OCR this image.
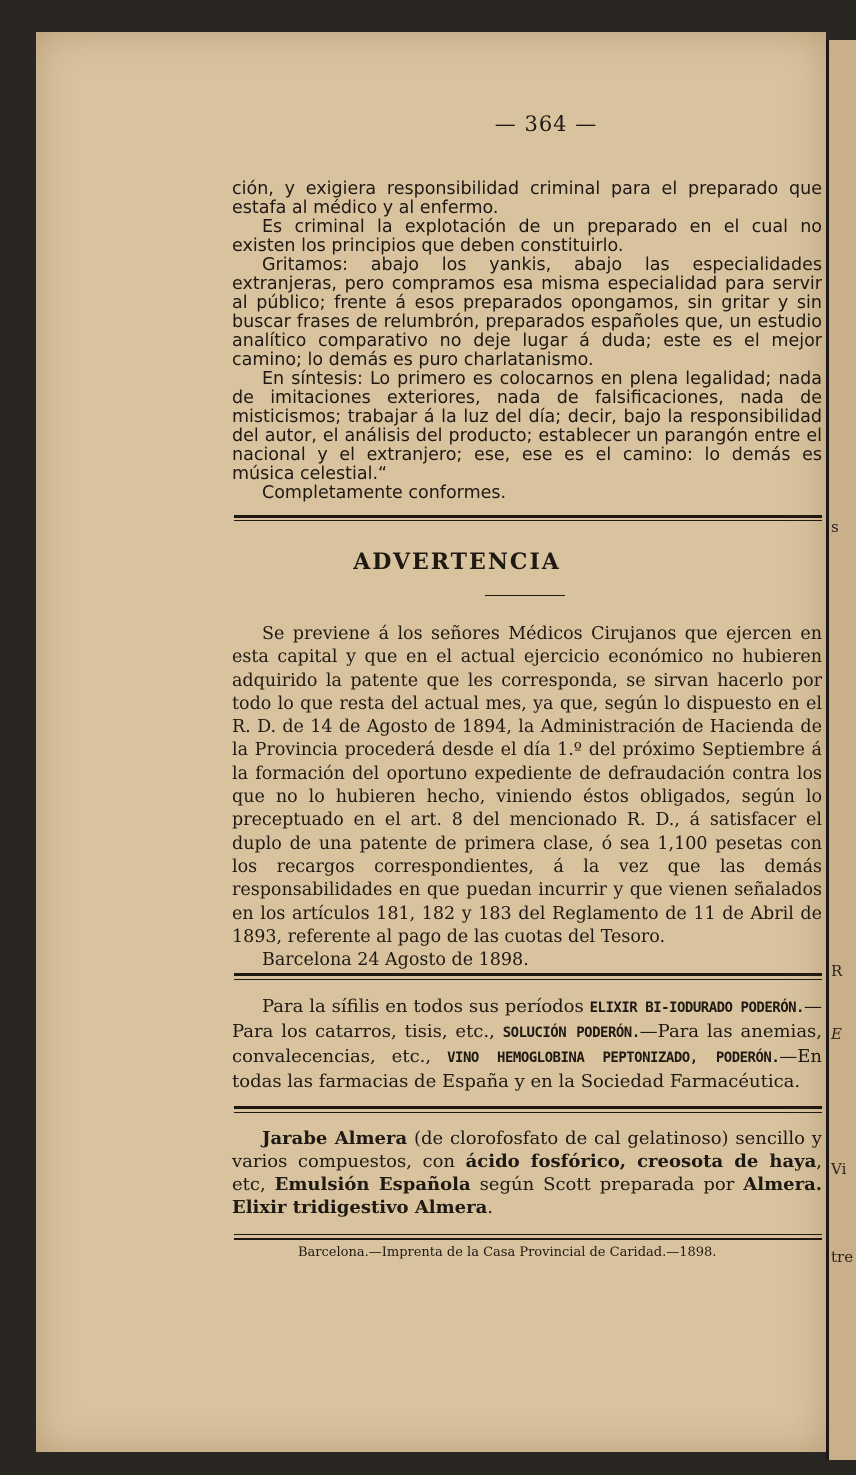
s
R
E
Vi
tre
— 364 —

ción, y exigiera responsibilidad criminal para el preparado que estafa al médico y al enfermo.

Es criminal la explotación de un preparado en el cual no existen los principios que deben constituirlo.

Gritamos: abajo los yankis, abajo las especialidades extranjeras, pero compramos esa misma especialidad para servir al público; frente á esos preparados opongamos, sin gritar y sin buscar frases de relumbrón, preparados españoles que, un estudio analítico comparativo no deje lugar á duda; este es el mejor camino; lo demás es puro charlatanismo.

En síntesis: Lo primero es colocarnos en plena legalidad; nada de imitaciones exteriores, nada de falsificaciones, nada de misticismos; trabajar á la luz del día; decir, bajo la responsibilidad del autor, el análisis del producto; establecer un parangón entre el nacional y el extranjero; ese, ese es el camino: lo demás es música celestial.“

Completamente conformes.

ADVERTENCIA

Se previene á los señores Médicos Cirujanos que ejercen en esta capital y que en el actual ejercicio económico no hubieren adquirido la patente que les corresponda, se sirvan hacerlo por todo lo que resta del actual mes, ya que, según lo dispuesto en el R. D. de 14 de Agosto de 1894, la Administración de Hacienda de la Provincia procederá desde el día 1.º del próximo Septiembre á la formación del oportuno expediente de defraudación contra los que no lo hubieren hecho, viniendo éstos obligados, según lo preceptuado en el art. 8 del mencionado R. D., á satisfacer el duplo de una patente de primera clase, ó sea 1,100 pesetas con los recargos correspondientes, á la vez que las demás responsabilidades en que puedan incurrir y que vienen señalados en los artículos 181, 182 y 183 del Reglamento de 11 de Abril de 1893, referente al pago de las cuotas del Tesoro.

Barcelona 24 Agosto de 1898.

Para la sífilis en todos sus períodos ELIXIR BI-IODURADO PODERÓN.—Para los catarros, tisis, etc., SOLUCIÓN PODERÓN.—Para las anemias, convalecencias, etc., VINO HEMOGLOBINA PEPTONIZADO, PODERÓN.—En todas las farmacias de España y en la Sociedad Farmacéutica.

Jarabe Almera (de clorofosfato de cal gelatinoso) sencillo y varios compuestos, con ácido fosfórico, creosota de haya, etc, Emulsión Española según Scott preparada por Almera. Elixir tridigestivo Almera.

Barcelona.—Imprenta de la Casa Provincial de Caridad.—1898.
